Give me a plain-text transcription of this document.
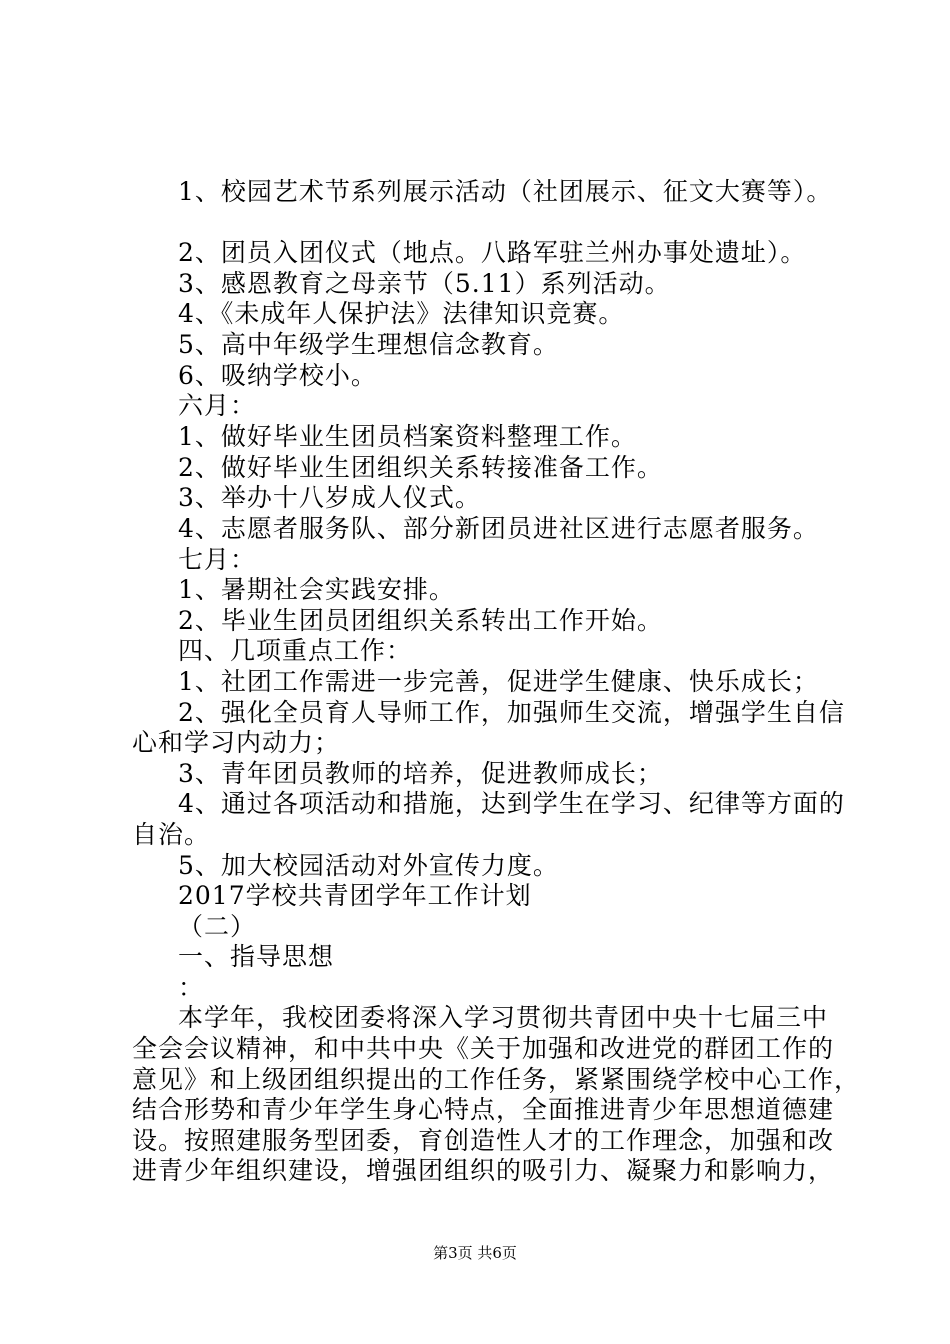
1、校园艺术节系列展示活动（社团展示、征文大赛等）。
2、团员入团仪式（地点。八路军驻兰州办事处遗址）。
3、感恩教育之母亲节（5.11）系列活动。
4、《未成年人保护法》法律知识竞赛。
5、高中年级学生理想信念教育。
6、吸纳学校小。
六月：
1、做好毕业生团员档案资料整理工作。
2、做好毕业生团组织关系转接准备工作。
3、举办十八岁成人仪式。
4、志愿者服务队、部分新团员进社区进行志愿者服务。
七月：
1、暑期社会实践安排。
2、毕业生团员团组织关系转出工作开始。
四、几项重点工作：
1、社团工作需进一步完善，促进学生健康、快乐成长；
2、强化全员育人导师工作，加强师生交流，增强学生自信
心和学习内动力；
3、青年团员教师的培养，促进教师成长；
4、通过各项活动和措施，达到学生在学习、纪律等方面的
自治。
5、加大校园活动对外宣传力度。
2017学校共青团学年工作计划
（二）
一、指导思想
：
本学年，我校团委将深入学习贯彻共青团中央十七届三中
全会会议精神，和中共中央《关于加强和改进党的群团工作的
意见》和上级团组织提出的工作任务，紧紧围绕学校中心工作，
结合形势和青少年学生身心特点，全面推进青少年思想道德建
设。按照建服务型团委，育创造性人才的工作理念，加强和改
进青少年组织建设，增强团组织的吸引力、凝聚力和影响力，
第3页 共6页
